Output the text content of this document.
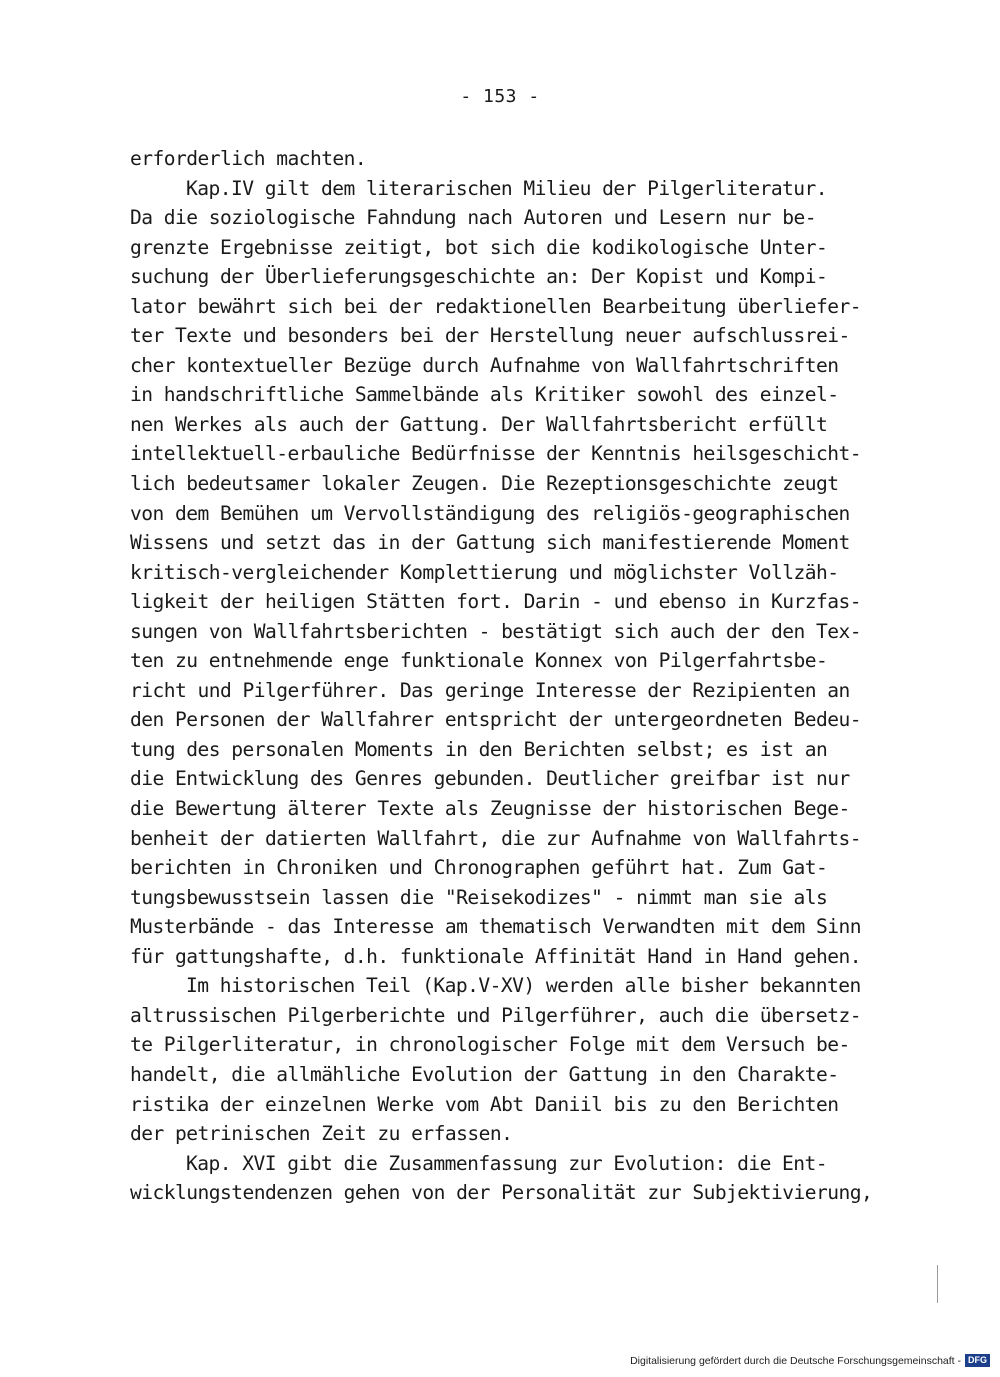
- 153 -
erforderlich machten.
Kap.IV gilt dem literarischen Milieu der Pilgerliteratur.
Da die soziologische Fahndung nach Autoren und Lesern nur be-
grenzte Ergebnisse zeitigt, bot sich die kodikologische Unter-
suchung der Überlieferungsgeschichte an: Der Kopist und Kompi-
lator bewährt sich bei der redaktionellen Bearbeitung überliefer-
ter Texte und besonders bei der Herstellung neuer aufschlussrei-
cher kontextueller Bezüge durch Aufnahme von Wallfahrtschriften
in handschriftliche Sammelbände als Kritiker sowohl des einzel-
nen Werkes als auch der Gattung. Der Wallfahrtsbericht erfüllt
intellektuell-erbauliche Bedürfnisse der Kenntnis heilsgeschicht-
lich bedeutsamer lokaler Zeugen. Die Rezeptionsgeschichte zeugt
von dem Bemühen um Vervollständigung des religiös-geographischen
Wissens und setzt das in der Gattung sich manifestierende Moment
kritisch-vergleichender Komplettierung und möglichster Vollzäh-
ligkeit der heiligen Stätten fort. Darin - und ebenso in Kurzfas-
sungen von Wallfahrtsberichten - bestätigt sich auch der den Tex-
ten zu entnehmende enge funktionale Konnex von Pilgerfahrtsbe-
richt und Pilgerführer. Das geringe Interesse der Rezipienten an
den Personen der Wallfahrer entspricht der untergeordneten Bedeu-
tung des personalen Moments in den Berichten selbst; es ist an
die Entwicklung des Genres gebunden. Deutlicher greifbar ist nur
die Bewertung älterer Texte als Zeugnisse der historischen Bege-
benheit der datierten Wallfahrt, die zur Aufnahme von Wallfahrts-
berichten in Chroniken und Chronographen geführt hat. Zum Gat-
tungsbewusstsein lassen die "Reisekodizes" - nimmt man sie als
Musterbände - das Interesse am thematisch Verwandten mit dem Sinn
für gattungshafte, d.h. funktionale Affinität Hand in Hand gehen.
Im historischen Teil (Kap.V-XV) werden alle bisher bekannten
altrussischen Pilgerberichte und Pilgerführer, auch die übersetz-
te Pilgerliteratur, in chronologischer Folge mit dem Versuch be-
handelt, die allmähliche Evolution der Gattung in den Charakte-
ristika der einzelnen Werke vom Abt Daniil bis zu den Berichten
der petrinischen Zeit zu erfassen.
Kap. XVI gibt die Zusammenfassung zur Evolution: die Ent-
wicklungstendenzen gehen von der Personalität zur Subjektivierung,
Digitalisierung gefördert durch die Deutsche Forschungsgemeinschaft - DFG
